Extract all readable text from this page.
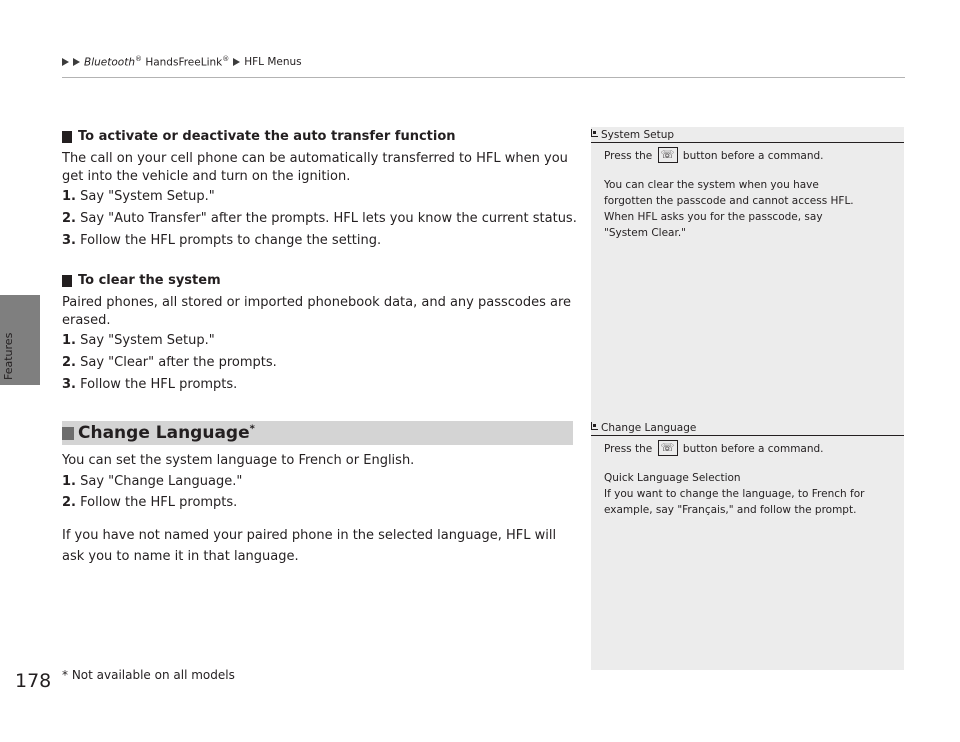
Features
Bluetooth® HandsFreeLink® HFL Menus
To activate or deactivate the auto transfer function
The call on your cell phone can be automatically transferred to HFL when you get into the vehicle and turn on the ignition.
1. Say "System Setup."
2. Say "Auto Transfer" after the prompts. HFL lets you know the current status.
3. Follow the HFL prompts to change the setting.
To clear the system
Paired phones, all stored or imported phonebook data, and any passcodes are erased.
1. Say "System Setup."
2. Say "Clear" after the prompts.
3. Follow the HFL prompts.
Change Language*
You can set the system language to French or English.
1. Say "Change Language."
2. Follow the HFL prompts.
If you have not named your paired phone in the selected language, HFL will ask you to name it in that language.
System Setup
Press the ☏ button before a command.
You can clear the system when you have
forgotten the passcode and cannot access HFL.
When HFL asks you for the passcode, say
"System Clear."
Change Language
Press the ☏ button before a command.
Quick Language Selection
If you want to change the language, to French for
example, say "Français," and follow the prompt.
* Not available on all models
178
